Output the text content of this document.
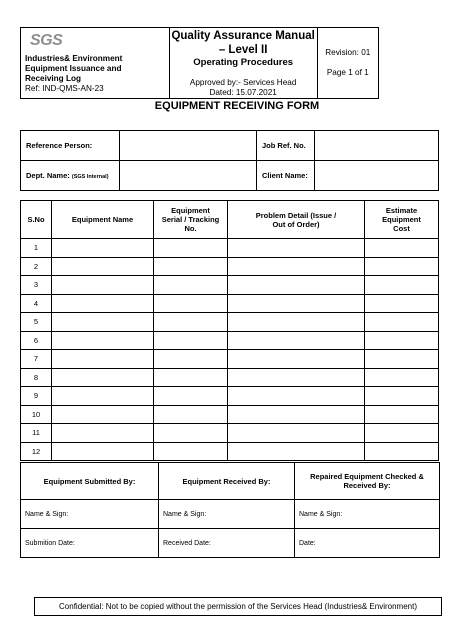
SGS
Industries& Environment
Equipment Issuance and
Receiving Log
Ref: IND-QMS-AN-23

Quality Assurance Manual – Level II
Operating Procedures
Approved by:- Services Head
Dated: 15.07.2021

Revision: 01
Page 1 of 1
EQUIPMENT RECEIVING FORM
Reference Person:		Job Ref. No.	
Dept. Name: (SGS Internal)		Client Name:	
S.No	Equipment Name	Equipment Serial / Tracking No.	Problem Detail (Issue / Out of Order)	Estimate Equipment Cost

1				
2				
3				
4				
5				
6				
7				
8				
9				
10				
11				
12				
Equipment Submitted By:	Equipment Received By:	Repaired Equipment Checked & Received By:

Name & Sign:	Name & Sign:	Name & Sign:
Submition Date:	Received Date:	Date:
Confidential: Not to be copied without the permission of the Services Head (Industries& Environment)
